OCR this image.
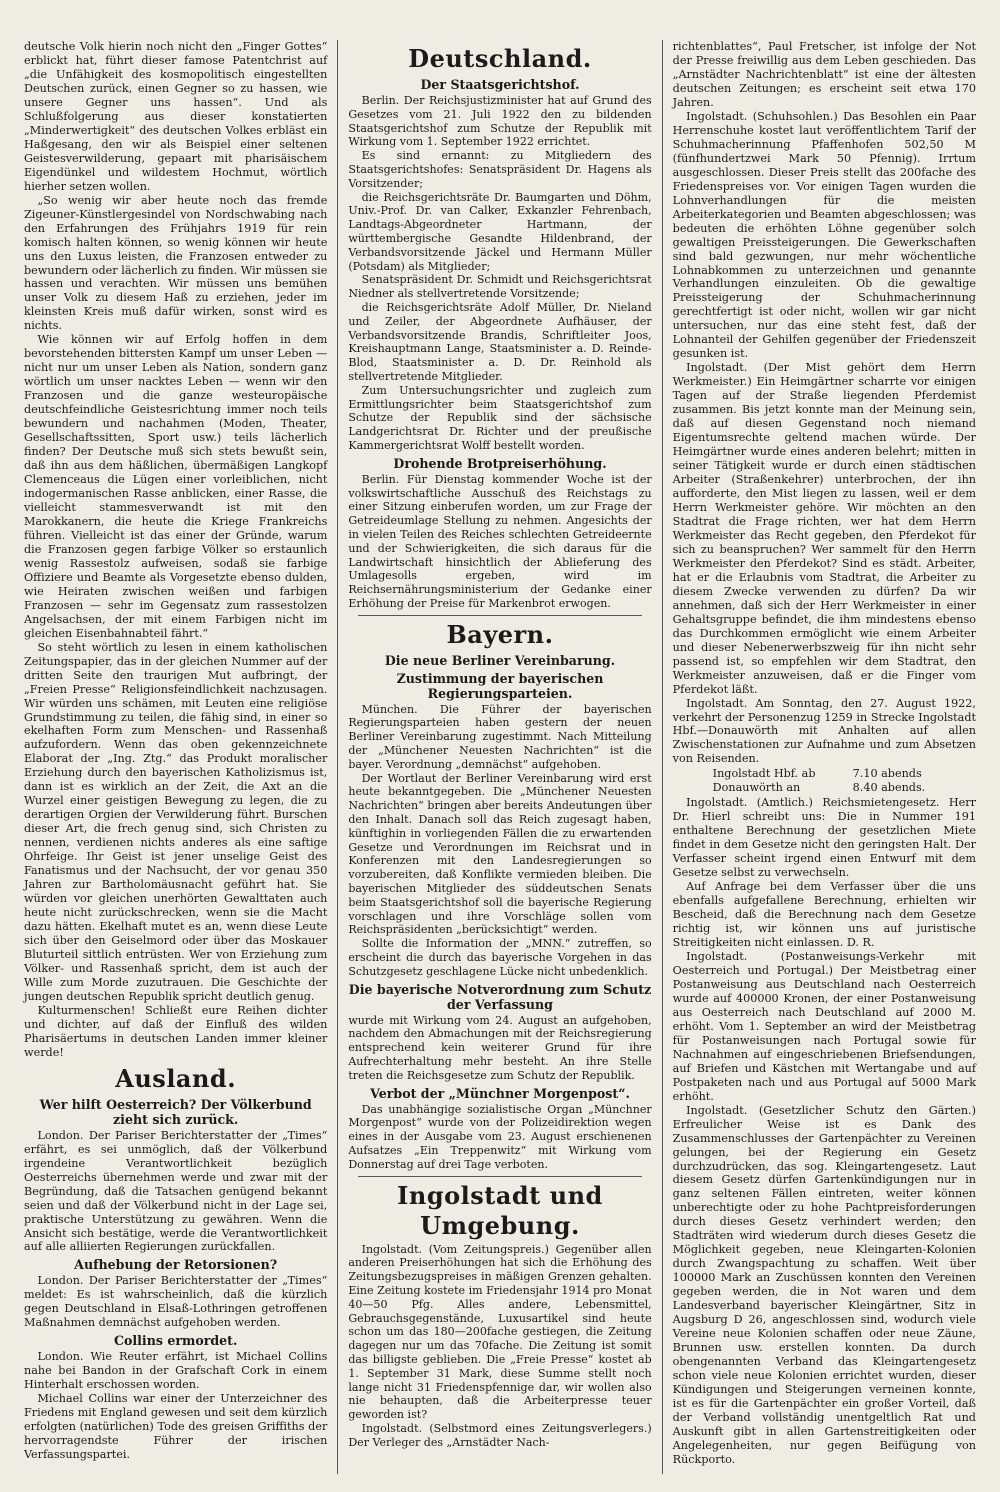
deutsche Volk hierin noch nicht den „Finger Gottes“ erblickt hat, führt dieser famose Patentchrist auf „die Unfähigkeit des kosmopolitisch eingestellten Deutschen zurück, einen Gegner so zu hassen, wie unsere Gegner uns hassen“. Und als Schlußfolgerung aus dieser konstatierten „Minderwertigkeit“ des deutschen Volkes erbläst ein Haßgesang, den wir als Beispiel einer seltenen Geistesverwilderung, gepaart mit pharisäischem Eigendünkel und wildestem Hochmut, wörtlich hierher setzen wollen.

„So wenig wir aber heute noch das fremde Zigeuner-Künstlergesindel von Nordschwabing nach den Erfahrungen des Frühjahrs 1919 für rein komisch halten können, so wenig können wir heute uns den Luxus leisten, die Franzosen entweder zu bewundern oder lächerlich zu finden. Wir müssen sie hassen und verachten. Wir müssen uns bemühen unser Volk zu diesem Haß zu erziehen, jeder im kleinsten Kreis muß dafür wirken, sonst wird es nichts.

Wie können wir auf Erfolg hoffen in dem bevorstehenden bittersten Kampf um unser Leben — nicht nur um unser Leben als Nation, sondern ganz wörtlich um unser nacktes Leben — wenn wir den Franzosen und die ganze westeuropäische deutschfeindliche Geistesrichtung immer noch teils bewundern und nachahmen (Moden, Theater, Gesellschaftssitten, Sport usw.) teils lächerlich finden? Der Deutsche muß sich stets bewußt sein, daß ihn aus dem häßlichen, übermäßigen Langkopf Clemenceaus die Lügen einer vorleiblichen, nicht indogermanischen Rasse anblicken, einer Rasse, die vielleicht stammesverwandt ist mit den Marokkanern, die heute die Kriege Frankreichs führen. Vielleicht ist das einer der Gründe, warum die Franzosen gegen farbige Völker so erstaunlich wenig Rassestolz aufweisen, sodaß sie farbige Offiziere und Beamte als Vorgesetzte ebenso dulden, wie Heiraten zwischen weißen und farbigen Franzosen — sehr im Gegensatz zum rassestolzen Angelsachsen, der mit einem Farbigen nicht im gleichen Eisenbahnabteil fährt.“

So steht wörtlich zu lesen in einem katholischen Zeitungspapier, das in der gleichen Nummer auf der dritten Seite den traurigen Mut aufbringt, der „Freien Presse“ Religionsfeindlichkeit nachzusagen. Wir würden uns schämen, mit Leuten eine religiöse Grundstimmung zu teilen, die fähig sind, in einer so ekelhaften Form zum Menschen- und Rassenhaß aufzufordern. Wenn das oben gekennzeichnete Elaborat der „Ing. Ztg.“ das Produkt moralischer Erziehung durch den bayerischen Katholizismus ist, dann ist es wirklich an der Zeit, die Axt an die Wurzel einer geistigen Bewegung zu legen, die zu derartigen Orgien der Verwilderung führt. Burschen dieser Art, die frech genug sind, sich Christen zu nennen, verdienen nichts anderes als eine saftige Ohrfeige. Ihr Geist ist jener unselige Geist des Fanatismus und der Nachsucht, der vor genau 350 Jahren zur Bartholomäusnacht geführt hat. Sie würden vor gleichen unerhörten Gewalttaten auch heute nicht zurückschrecken, wenn sie die Macht dazu hätten. Ekelhaft mutet es an, wenn diese Leute sich über den Geiselmord oder über das Moskauer Bluturteil sittlich entrüsten. Wer von Erziehung zum Völker- und Rassenhaß spricht, dem ist auch der Wille zum Morde zuzutrauen. Die Geschichte der jungen deutschen Republik spricht deutlich genug.

Kulturmenschen! Schließt eure Reihen dichter und dichter, auf daß der Einfluß des wilden Pharisäertums in deutschen Landen immer kleiner werde!

Ausland.
Wer hilft Oesterreich? Der Völkerbund zieht sich zurück.

London. Der Pariser Berichterstatter der „Times“ erfährt, es sei unmöglich, daß der Völkerbund irgendeine Verantwortlichkeit bezüglich Oesterreichs übernehmen werde und zwar mit der Begründung, daß die Tatsachen genügend bekannt seien und daß der Völkerbund nicht in der Lage sei, praktische Unterstützung zu gewähren. Wenn die Ansicht sich bestätige, werde die Verantwortlichkeit auf alle alliierten Regierungen zurückfallen.

Aufhebung der Retorsionen?

London. Der Pariser Berichterstatter der „Times“ meldet: Es ist wahrscheinlich, daß die kürzlich gegen Deutschland in Elsaß-Lothringen getroffenen Maßnahmen demnächst aufgehoben werden.

Collins ermordet.

London. Wie Reuter erfährt, ist Michael Collins nahe bei Bandon in der Grafschaft Cork in einem Hinterhalt erschossen worden.

Michael Collins war einer der Unterzeichner des Friedens mit England gewesen und seit dem kürzlich erfolgten (natürlichen) Tode des greisen Griffiths der hervorragendste Führer der irischen Verfassungspartei.

Deutschland.
Der Staatsgerichtshof.

Berlin. Der Reichsjustizminister hat auf Grund des Gesetzes vom 21. Juli 1922 den zu bildenden Staatsgerichtshof zum Schutze der Republik mit Wirkung vom 1. September 1922 errichtet.

Es sind ernannt: zu Mitgliedern des Staatsgerichtshofes: Senatspräsident Dr. Hagens als Vorsitzender;

die Reichsgerichtsräte Dr. Baumgarten und Döhm, Univ.-Prof. Dr. van Calker, Exkanzler Fehrenbach, Landtags-Abgeordneter Hartmann, der württembergische Gesandte Hildenbrand, der Verbandsvorsitzende Jäckel und Hermann Müller (Potsdam) als Mitglieder;

Senatspräsident Dr. Schmidt und Reichsgerichtsrat Niedner als stellvertretende Vorsitzende;

die Reichsgerichtsräte Adolf Müller, Dr. Nieland und Zeiler, der Abgeordnete Aufhäuser, der Verbandsvorsitzende Brandis, Schriftleiter Joos, Kreishauptmann Lange, Staatsminister a. D. Reinde-Blod, Staatsminister a. D. Dr. Reinhold als stellvertretende Mitglieder.

Zum Untersuchungsrichter und zugleich zum Ermittlungsrichter beim Staatsgerichtshof zum Schutze der Republik sind der sächsische Landgerichtsrat Dr. Richter und der preußische Kammergerichtsrat Wolff bestellt worden.

Drohende Brotpreiserhöhung.

Berlin. Für Dienstag kommender Woche ist der volkswirtschaftliche Ausschuß des Reichstags zu einer Sitzung einberufen worden, um zur Frage der Getreideumlage Stellung zu nehmen. Angesichts der in vielen Teilen des Reiches schlechten Getreideernte und der Schwierigkeiten, die sich daraus für die Landwirtschaft hinsichtlich der Ablieferung des Umlagesolls ergeben, wird im Reichsernährungsministerium der Gedanke einer Erhöhung der Preise für Markenbrot erwogen.

Bayern.
Die neue Berliner Vereinbarung.
Zustimmung der bayerischen Regierungsparteien.

München. Die Führer der bayerischen Regierungsparteien haben gestern der neuen Berliner Vereinbarung zugestimmt. Nach Mitteilung der „Münchener Neuesten Nachrichten“ ist die bayer. Verordnung „demnächst“ aufgehoben.

Der Wortlaut der Berliner Vereinbarung wird erst heute bekanntgegeben. Die „Münchener Neuesten Nachrichten“ bringen aber bereits Andeutungen über den Inhalt. Danach soll das Reich zugesagt haben, künftighin in vorliegenden Fällen die zu erwartenden Gesetze und Verordnungen im Reichsrat und in Konferenzen mit den Landesregierungen so vorzubereiten, daß Konflikte vermieden bleiben. Die bayerischen Mitglieder des süddeutschen Senats beim Staatsgerichtshof soll die bayerische Regierung vorschlagen und ihre Vorschläge sollen vom Reichspräsidenten „berücksichtigt“ werden.

Sollte die Information der „MNN.“ zutreffen, so erscheint die durch das bayerische Vorgehen in das Schutzgesetz geschlagene Lücke nicht unbedenklich.

Die bayerische Notverordnung zum Schutz der Verfassung

wurde mit Wirkung vom 24. August an aufgehoben, nachdem den Abmachungen mit der Reichsregierung entsprechend kein weiterer Grund für ihre Aufrechterhaltung mehr besteht. An ihre Stelle treten die Reichsgesetze zum Schutz der Republik.

Verbot der „Münchner Morgenpost“.

Das unabhängige sozialistische Organ „Münchner Morgenpost“ wurde von der Polizeidirektion wegen eines in der Ausgabe vom 23. August erschienenen Aufsatzes „Ein Treppenwitz“ mit Wirkung vom Donnerstag auf drei Tage verboten.

Ingolstadt und Umgebung.

Ingolstadt. (Vom Zeitungspreis.) Gegenüber allen anderen Preiserhöhungen hat sich die Erhöhung des Zeitungsbezugspreises in mäßigen Grenzen gehalten. Eine Zeitung kostete im Friedensjahr 1914 pro Monat 40—50 Pfg. Alles andere, Lebensmittel, Gebrauchsgegenstände, Luxusartikel sind heute schon um das 180—200fache gestiegen, die Zeitung dagegen nur um das 70fache. Die Zeitung ist somit das billigste geblieben. Die „Freie Presse“ kostet ab 1. September 31 Mark, diese Summe stellt noch lange nicht 31 Friedenspfennige dar, wir wollen also nie behaupten, daß die Arbeiterpresse teuer geworden ist?

Ingolstadt. (Selbstmord eines Zeitungsverlegers.) Der Verleger des „Arnstädter Nach-

richtenblattes“, Paul Fretscher, ist infolge der Not der Presse freiwillig aus dem Leben geschieden. Das „Arnstädter Nachrichtenblatt“ ist eine der ältesten deutschen Zeitungen; es erscheint seit etwa 170 Jahren.

Ingolstadt. (Schuhsohlen.) Das Besohlen ein Paar Herrenschuhe kostet laut veröffentlichtem Tarif der Schuhmacherinnung Pfaffenhofen 502,50 M (fünfhundertzwei Mark 50 Pfennig). Irrtum ausgeschlossen. Dieser Preis stellt das 200fache des Friedenspreises vor. Vor einigen Tagen wurden die Lohnverhandlungen für die meisten Arbeiterkategorien und Beamten abgeschlossen; was bedeuten die erhöhten Löhne gegenüber solch gewaltigen Preissteigerungen. Die Gewerkschaften sind bald gezwungen, nur mehr wöchentliche Lohnabkommen zu unterzeichnen und genannte Verhandlungen einzuleiten. Ob die gewaltige Preissteigerung der Schuhmacherinnung gerechtfertigt ist oder nicht, wollen wir gar nicht untersuchen, nur das eine steht fest, daß der Lohnanteil der Gehilfen gegenüber der Friedenszeit gesunken ist.

Ingolstadt. (Der Mist gehört dem Herrn Werkmeister.) Ein Heimgärtner scharrte vor einigen Tagen auf der Straße liegenden Pferdemist zusammen. Bis jetzt konnte man der Meinung sein, daß auf diesen Gegenstand noch niemand Eigentumsrechte geltend machen würde. Der Heimgärtner wurde eines anderen belehrt; mitten in seiner Tätigkeit wurde er durch einen städtischen Arbeiter (Straßenkehrer) unterbrochen, der ihn aufforderte, den Mist liegen zu lassen, weil er dem Herrn Werkmeister gehöre. Wir möchten an den Stadtrat die Frage richten, wer hat dem Herrn Werkmeister das Recht gegeben, den Pferdekot für sich zu beanspruchen? Wer sammelt für den Herrn Werkmeister den Pferdekot? Sind es städt. Arbeiter, hat er die Erlaubnis vom Stadtrat, die Arbeiter zu diesem Zwecke verwenden zu dürfen? Da wir annehmen, daß sich der Herr Werkmeister in einer Gehaltsgruppe befindet, die ihm mindestens ebenso das Durchkommen ermöglicht wie einem Arbeiter und dieser Nebenerwerbszweig für ihn nicht sehr passend ist, so empfehlen wir dem Stadtrat, den Werkmeister anzuweisen, daß er die Finger vom Pferdekot läßt.

Ingolstadt. Am Sonntag, den 27. August 1922, verkehrt der Personenzug 1259 in Strecke Ingolstadt Hbf.—Donauwörth mit Anhalten auf allen Zwischenstationen zur Aufnahme und zum Absetzen von Reisenden.

Ingolstadt Hbf. ab	7.10 abends
Donauwörth an	8.40 abends.

Ingolstadt. (Amtlich.) Reichsmietengesetz. Herr Dr. Hierl schreibt uns: Die in Nummer 191 enthaltene Berechnung der gesetzlichen Miete findet in dem Gesetze nicht den geringsten Halt. Der Verfasser scheint irgend einen Entwurf mit dem Gesetze selbst zu verwechseln.

Auf Anfrage bei dem Verfasser über die uns ebenfalls aufgefallene Berechnung, erhielten wir Bescheid, daß die Berechnung nach dem Gesetze richtig ist, wir können uns auf juristische Streitigkeiten nicht einlassen. D. R.

Ingolstadt. (Postanweisungs-Verkehr mit Oesterreich und Portugal.) Der Meistbetrag einer Postanweisung aus Deutschland nach Oesterreich wurde auf 400000 Kronen, der einer Postanweisung aus Oesterreich nach Deutschland auf 2000 M. erhöht. Vom 1. September an wird der Meistbetrag für Postanweisungen nach Portugal sowie für Nachnahmen auf eingeschriebenen Briefsendungen, auf Briefen und Kästchen mit Wertangabe und auf Postpaketen nach und aus Portugal auf 5000 Mark erhöht.

Ingolstadt. (Gesetzlicher Schutz den Gärten.) Erfreulicher Weise ist es Dank des Zusammenschlusses der Gartenpächter zu Vereinen gelungen, bei der Regierung ein Gesetz durchzudrücken, das sog. Kleingartengesetz. Laut diesem Gesetz dürfen Gartenkündigungen nur in ganz seltenen Fällen eintreten, weiter können unberechtigte oder zu hohe Pachtpreisforderungen durch dieses Gesetz verhindert werden; den Stadträten wird wiederum durch dieses Gesetz die Möglichkeit gegeben, neue Kleingarten-Kolonien durch Zwangspachtung zu schaffen. Weit über 100000 Mark an Zuschüssen konnten den Vereinen gegeben werden, die in Not waren und dem Landesverband bayerischer Kleingärtner, Sitz in Augsburg D 26, angeschlossen sind, wodurch viele Vereine neue Kolonien schaffen oder neue Zäune, Brunnen usw. erstellen konnten. Da durch obengenannten Verband das Kleingartengesetz schon viele neue Kolonien errichtet wurden, dieser Kündigungen und Steigerungen verneinen konnte, ist es für die Gartenpächter ein großer Vorteil, daß der Verband vollständig unentgeltlich Rat und Auskunft gibt in allen Gartenstreitigkeiten oder Angelegenheiten, nur gegen Beifügung von Rückporto.
